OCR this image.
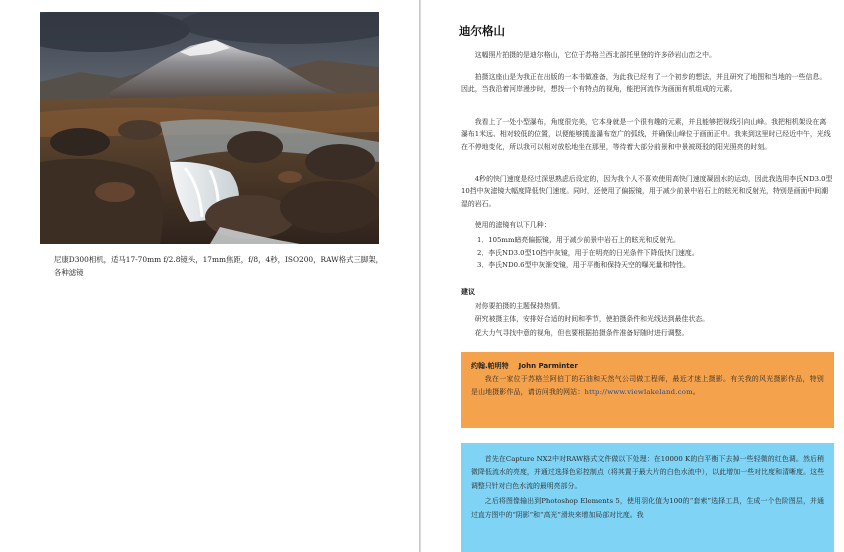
尼康D300相机，适马17-70mm f/2.8镜头，17mm焦距，f/8，4秒，ISO200，RAW格式三脚架，各种滤镜

迪尔格山

这幅照片拍摄的是迪尔格山，它位于苏格兰西北部托里登的许多砂岩山峦之中。

拍摄这座山是为我正在出版的一本书做准备，为此我已经有了一个初步的想法，并且研究了地图和当地的一些信息。因此，当我沿着河岸漫步时，想找一个有特点的视角，能把河流作为画面有机组成的元素。

我看上了一处小型瀑布，角度很完美，它本身就是一个很有趣的元素，并且能够把视线引向山峰。我把相机架设在离瀑布1米远、相对较低的位置，以便能够揽盖瀑布宽广的弧线，并确保山峰位于画面正中。我来到这里时已经近中午，光线在不停地变化，所以我可以相对放松地坐在那里，等待着大部分前景和中景被斑驳的阳光照亮的时刻。

4秒的快门速度是经过深思熟虑后设定的，因为我个人不喜欢使用高快门速度凝固水的运动，因此我选用李氏ND3.0型10挡中灰滤镜大幅度降低快门速度。同时，还使用了偏振镜，用于减少前景中岩石上的眩光和反射光，特别是画面中间潮湿的岩石。

使用的滤镜有以下几种：

1．105mm暗亮偏振镜，用于减少前景中岩石上的眩光和反射光。
2．李氏ND3.0型10挡中灰镜，用于在明亮的日光条件下降低快门速度。
3．李氏ND0.6型中灰渐变镜，用于平衡和保持天空的曝光量和特性。
建议
对你要拍摄的主题保持热情。
研究被摄主体，安排好合适的时间和季节，使拍摄条件和光线达到最佳状态。
花大力气寻找中意的视角，但也要根据拍摄条件准备好随时进行调整。

约翰.帕明特 John Parminter

我在一家位于苏格兰阿伯丁的石油和天然气公司做工程师，最近才迷上摄影。有关我的风光摄影作品，特别是山地摄影作品，请访问我的网站：http://www.viewlakeland.com。

首先在Capture NX2中对RAW格式文件做以下处理：在10000 K的白平衡下去掉一些轻微的红色调。然后稍微降低流水的亮度，并通过选择色彩控制点（将其置于最大片的白色水流中），以此增加一些对比度和清晰度。这些调整只针对白色水流的最明亮部分。

之后将图像输出到Photoshop Elements 5，使用羽化值为100的“套索”选择工具，生成一个色阶图层，并通过直方图中的“阴影”和“高光”滑块来增加局部对比度。我
